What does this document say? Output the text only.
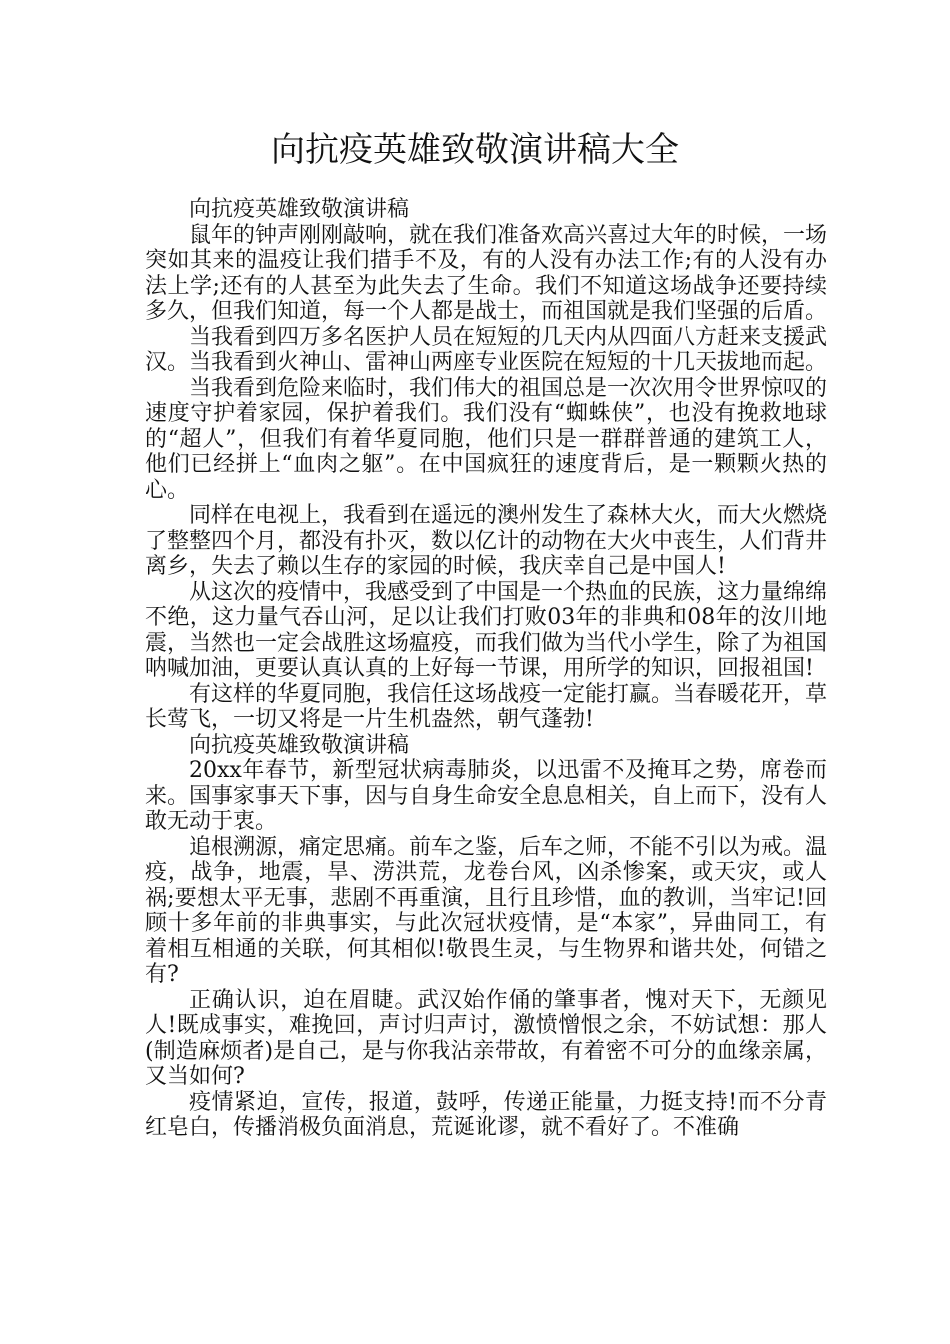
向抗疫英雄致敬演讲稿大全

向抗疫英雄致敬演讲稿

鼠年的钟声刚刚敲响，就在我们准备欢高兴喜过大年的时候，一场突如其来的温疫让我们措手不及，有的人没有办法工作;有的人没有办法上学;还有的人甚至为此失去了生命。我们不知道这场战争还要持续多久，但我们知道，每一个人都是战士，而祖国就是我们坚强的后盾。

当我看到四万多名医护人员在短短的几天内从四面八方赶来支援武汉。当我看到火神山、雷神山两座专业医院在短短的十几天拔地而起。

当我看到危险来临时，我们伟大的祖国总是一次次用令世界惊叹的速度守护着家园，保护着我们。我们没有“蜘蛛侠”，也没有挽救地球的“超人”，但我们有着华夏同胞，他们只是一群群普通的建筑工人，他们已经拼上“血肉之躯”。在中国疯狂的速度背后，是一颗颗火热的心。

同样在电视上，我看到在遥远的澳州发生了森林大火，而大火燃烧了整整四个月，都没有扑灭，数以亿计的动物在大火中丧生，人们背井离乡，失去了赖以生存的家园的时候，我庆幸自己是中国人!

从这次的疫情中，我感受到了中国是一个热血的民族，这力量绵绵不绝，这力量气吞山河，足以让我们打败03年的非典和08年的汝川地震，当然也一定会战胜这场瘟疫，而我们做为当代小学生，除了为祖国呐喊加油，更要认真认真的上好每一节课，用所学的知识，回报祖国!

有这样的华夏同胞，我信任这场战疫一定能打赢。当春暖花开，草长莺飞，一切又将是一片生机盎然，朝气蓬勃!

向抗疫英雄致敬演讲稿

20xx年春节，新型冠状病毒肺炎，以迅雷不及掩耳之势，席卷而来。国事家事天下事，因与自身生命安全息息相关，自上而下，没有人敢无动于衷。

追根溯源，痛定思痛。前车之鉴，后车之师，不能不引以为戒。温疫，战争，地震，旱、涝洪荒，龙卷台风，凶杀惨案，或天灾，或人祸;要想太平无事，悲剧不再重演，且行且珍惜，血的教训，当牢记!回顾十多年前的非典事实，与此次冠状疫情，是“本家”，异曲同工，有着相互相通的关联，何其相似!敬畏生灵，与生物界和谐共处，何错之有?

正确认识，迫在眉睫。武汉始作俑的肇事者，愧对天下，无颜见人!既成事实，难挽回，声讨归声讨，激愤憎恨之余，不妨试想：那人(制造麻烦者)是自己，是与你我沾亲带故，有着密不可分的血缘亲属，又当如何?

疫情紧迫，宣传，报道，鼓呼，传递正能量，力挺支持!而不分青红皂白，传播消极负面消息，荒诞讹谬，就不看好了。不准确
